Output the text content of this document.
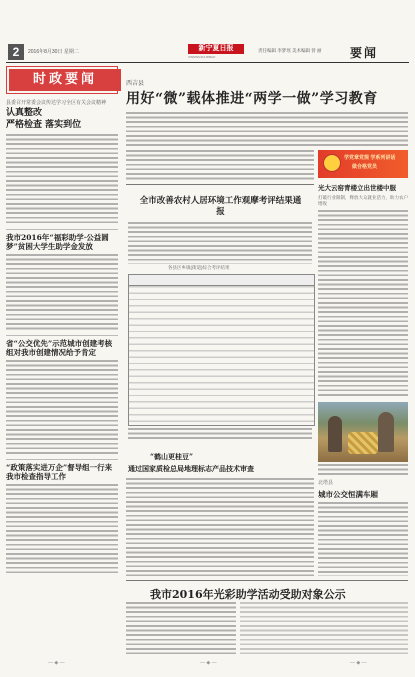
2	2016年8月30日 星期二	新宁夏日报
XINNINGXIA RIBAO
责任编辑 李梦瑶 美术编辑 曾 丽 要闻
时政要闻
县委召开常委会议传达学习全区有关会议精神
认真整改
严格检查 落实到位
我市2016年“福彩助学·公益圆梦”贫困大学生助学金发放
省“公交优先”示范城市创建考核组对我市创建情况给予肯定
“政策落实进万企”督导组一行来我市检查指导工作
西吉县
用好“微”载体推进“两学一做”学习教育
学党章党规 学系列讲话
做合格党员
全市改善农村人居环境工作观摩考评结果通报
各县区乡镇(街道)综合考评结果
光大云窑青楼立出世楼中服
打破行业限制，释放大众就业活力，助力农户增收
“鹤山更桂豆”
通过国家质检总局地理标志产品技术审查
北塔县
城市公交恒满车厢
我市2016年光彩助学活动受助对象公示
— ◆ —	— ◆ —	— ◆ —
